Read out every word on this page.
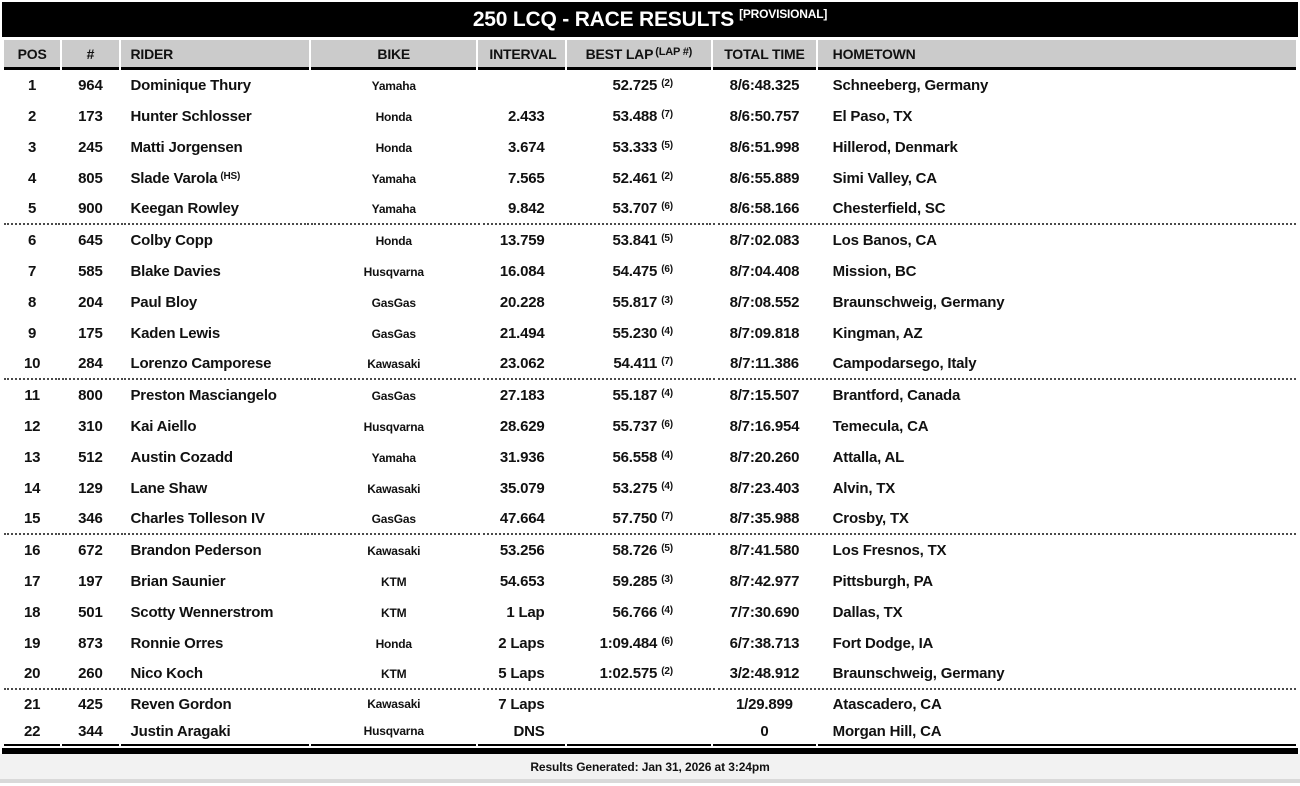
250 LCQ - RACE RESULTS [PROVISIONAL]
POS	#	RIDER	BIKE	INTERVAL	BEST LAP $^{(LAP \#)}$	TOTAL TIME	HOMETOWN
1	964	Dominique Thury	Yamaha		52.725 (2)	8/6:48.325	Schneeberg, Germany
2	173	Hunter Schlosser	Honda	2.433	53.488 (7)	8/6:50.757	El Paso, TX
3	245	Matti Jorgensen	Honda	3.674	53.333 (5)	8/6:51.998	Hillerod, Denmark
4	805	Slade Varola $^{(HS)}$	Yamaha	7.565	52.461 (2)	8/6:55.889	Simi Valley, CA
5	900	Keegan Rowley	Yamaha	9.842	53.707 (6)	8/6:58.166	Chesterfield, SC
6	645	Colby Copp	Honda	13.759	53.841 (5)	8/7:02.083	Los Banos, CA
7	585	Blake Davies	Husqvarna	16.084	54.475 (6)	8/7:04.408	Mission, BC
8	204	Paul Bloy	GasGas	20.228	55.817 (3)	8/7:08.552	Braunschweig, Germany
9	175	Kaden Lewis	GasGas	21.494	55.230 (4)	8/7:09.818	Kingman, AZ
10	284	Lorenzo Camporese	Kawasaki	23.062	54.411 (7)	8/7:11.386	Campodarsego, Italy
11	800	Preston Masciangelo	GasGas	27.183	55.187 (4)	8/7:15.507	Brantford, Canada
12	310	Kai Aiello	Husqvarna	28.629	55.737 (6)	8/7:16.954	Temecula, CA
13	512	Austin Cozadd	Yamaha	31.936	56.558 (4)	8/7:20.260	Attalla, AL
14	129	Lane Shaw	Kawasaki	35.079	53.275 (4)	8/7:23.403	Alvin, TX
15	346	Charles Tolleson IV	GasGas	47.664	57.750 (7)	8/7:35.988	Crosby, TX
16	672	Brandon Pederson	Kawasaki	53.256	58.726 (5)	8/7:41.580	Los Fresnos, TX
17	197	Brian Saunier	KTM	54.653	59.285 (3)	8/7:42.977	Pittsburgh, PA
18	501	Scotty Wennerstrom	KTM	1 Lap	56.766 (4)	7/7:30.690	Dallas, TX
19	873	Ronnie Orres	Honda	2 Laps	1:09.484 (6)	6/7:38.713	Fort Dodge, IA
20	260	Nico Koch	KTM	5 Laps	1:02.575 (2)	3/2:48.912	Braunschweig, Germany
21	425	Reven Gordon	Kawasaki	7 Laps		1/29.899	Atascadero, CA
22	344	Justin Aragaki	Husqvarna	DNS		0	Morgan Hill, CA
Results Generated: Jan 31, 2026 at 3:24pm
